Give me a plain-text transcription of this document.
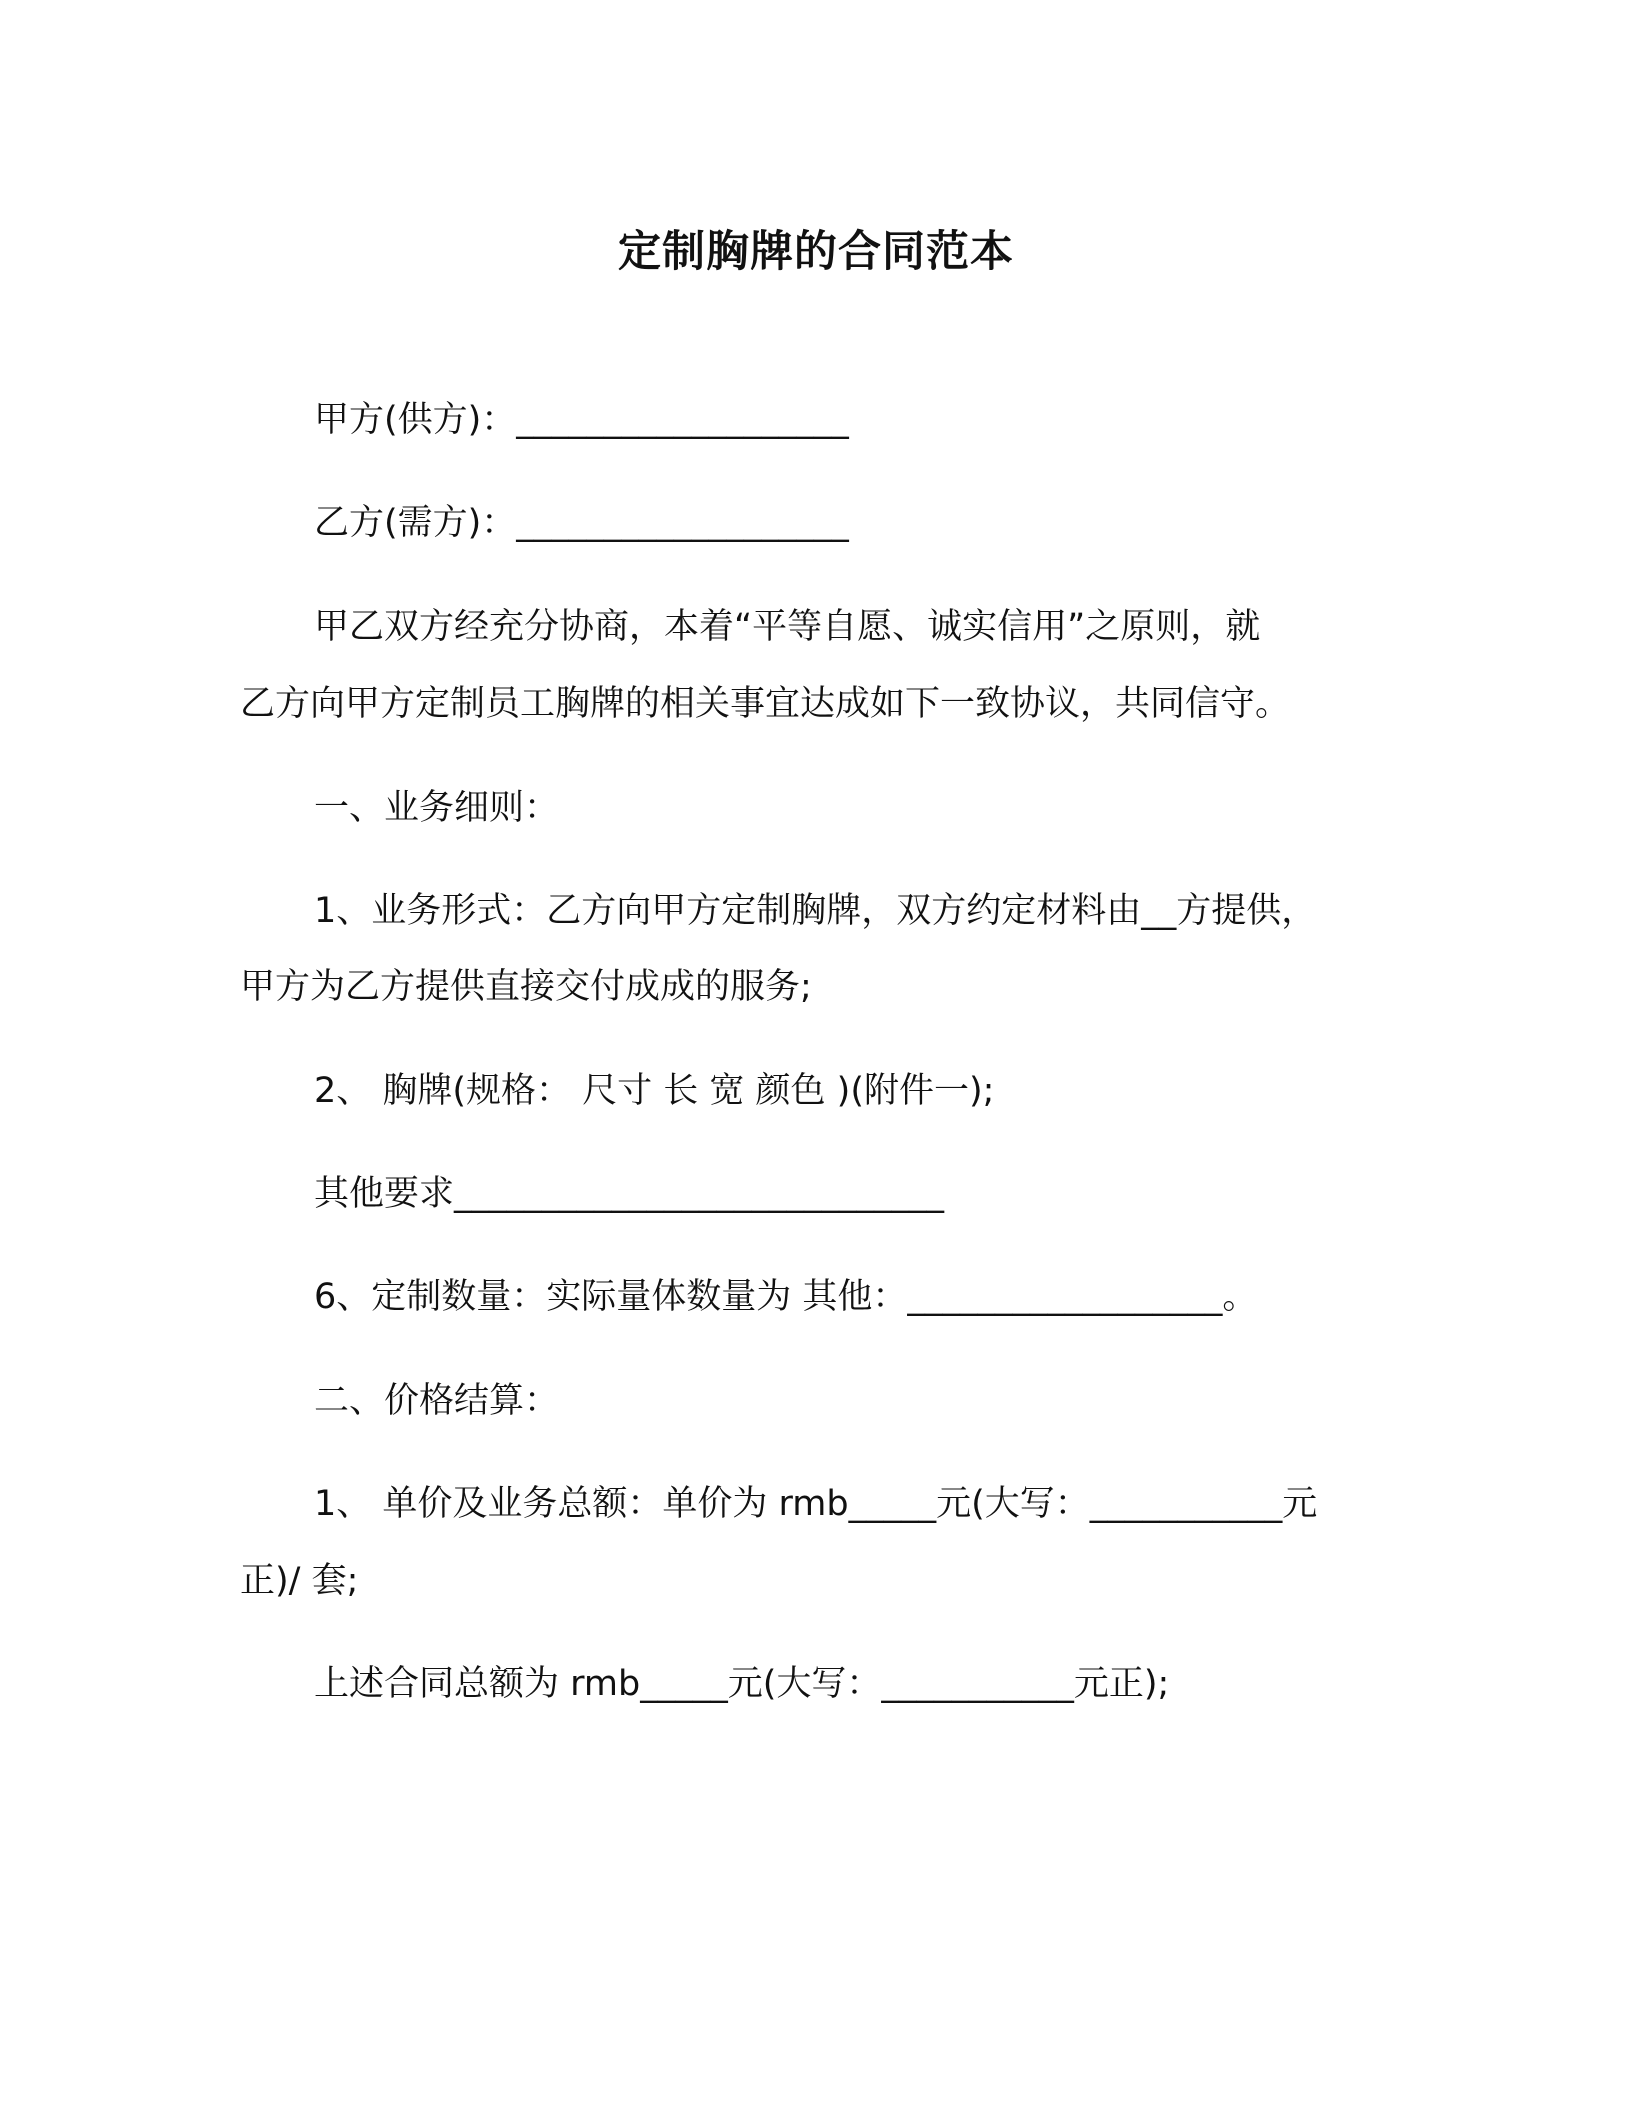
定制胸牌的合同范本
甲方(供方)：___________________
乙方(需方)：___________________
甲乙双方经充分协商，本着“平等自愿、诚实信用”之原则，就
乙方向甲方定制员工胸牌的相关事宜达成如下一致协议，共同信守。
一、业务细则：
1、业务形式：乙方向甲方定制胸牌，双方约定材料由__方提供，
甲方为乙方提供直接交付成成的服务;
2、 胸牌(规格： 尺寸 长 宽 颜色 )(附件一);
其他要求____________________________
6、定制数量：实际量体数量为 其他：__________________。
二、价格结算：
1、 单价及业务总额：单价为 rmb_____元(大写：___________元
正)/ 套;
上述合同总额为 rmb_____元(大写：___________元正);
